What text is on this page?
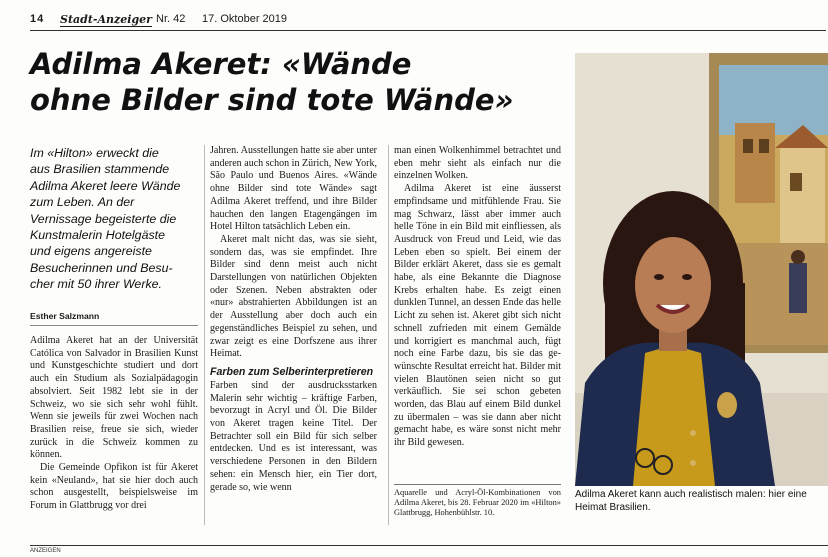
14 Stadt-Anzeiger Nr. 42 17. Oktober 2019
Adilma Akeret: «Wände
ohne Bilder sind tote Wände»

Im «Hilton» erweckt die
aus Brasilien stammende
Adilma Akeret leere Wände
zum Leben. An der
Vernissage begeisterte die
Kunstmalerin Hotelgäste
und eigens angereiste
Besucherinnen und Besu-
cher mit 50 ihrer Werke.

Esther Salzmann

Adilma Akeret hat an der Universität Católica von Salvador in Brasilien Kunst und Kunstgeschichte studiert und dort auch ein Studium als Sozialpädagogin absolviert. Seit 1982 lebt sie in der Schweiz, wo sie sich sehr wohl fühlt. Wenn sie jeweils für zwei Wochen nach Brasilien reise, freue sie sich, wieder zurück in die Schweiz kommen zu können.

Die Gemeinde Opfikon ist für Akeret kein «Neuland», hat sie hier doch auch schon ausgestellt, beispielsweise im Forum in Glattbrugg vor drei

Jahren. Ausstellungen hatte sie aber unter anderen auch schon in Zürich, New York, São Paulo und Buenos Aires. «Wände ohne Bilder sind tote Wände» sagt Adilma Akeret treffend, und ihre Bilder hauchen den langen Etagengängen im Hotel Hilton tatsächlich Leben ein.

Akeret malt nicht das, was sie sieht, sondern das, was sie empfindet. Ihre Bilder sind denn meist auch nicht Darstellungen von natürlichen Objekten oder Szenen. Neben abstrakten oder «nur» abstrahierten Abbildungen ist an der Ausstellung aber doch auch ein gegenständliches Beispiel zu sehen, und zwar zeigt es eine Dorfszene aus ihrer Heimat.

Farben zum Selberinterpretieren

Farben sind der ausdrucksstarken Malerin sehr wichtig – kräftige Farben, bevorzugt in Acryl und Öl. Die Bilder von Akeret tragen keine Titel. Der Betrachter soll ein Bild für sich selber entdecken. Und es ist interessant, was verschiedene Personen in den Bildern sehen: ein Mensch hier, ein Tier dort, gerade so, wie wenn

man einen Wolkenhimmel betrachtet und eben mehr sieht als einfach nur die einzelnen Wolken.

Adilma Akeret ist eine äusserst empfindsame und mitfühlende Frau. Sie mag Schwarz, lässt aber immer auch helle Töne in ein Bild mit einfliessen, als Ausdruck von Freud und Leid, wie das Leben eben so spielt. Bei einem der Bilder erklärt Akeret, dass sie es gemalt habe, als eine Bekannte die Diagnose Krebs erhalten habe. Es zeigt einen dunklen Tunnel, an dessen Ende das helle Licht zu sehen ist. Akeret gibt sich nicht schnell zufrieden mit einem Gemälde und korrigiert es manchmal auch, fügt noch eine Farbe dazu, bis sie das gewünschte Resultat erreicht hat. Bilder mit vielen Blautönen seien nicht so gut verkäuflich. Sie sei schon gebeten worden, das Blau auf einem Bild dunkel zu übermalen – was sie dann aber nicht gemacht habe, es wäre sonst nicht mehr ihr Bild gewesen.

Aquarelle und Acryl-Öl-Kombinationen von Adilma Akeret, bis 28. Februar 2020 im «Hilton» Glattbrugg, Hohenbühlstr. 10.
Adilma Akeret kann auch realistisch malen: hier eine
Heimat Brasilien.
ANZEIGEN
